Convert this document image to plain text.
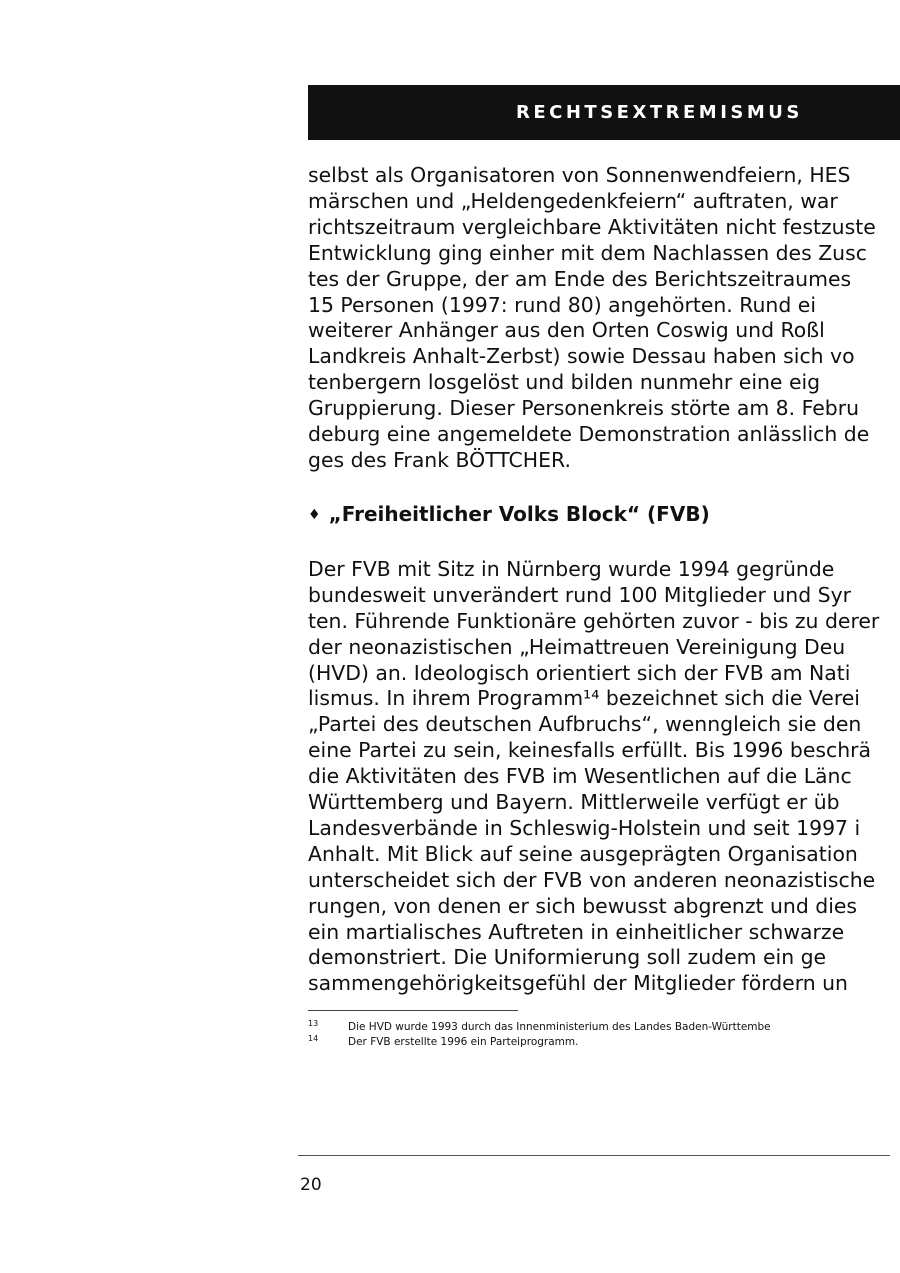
RECHTSEXTREMISMUS
selbst als Organisatoren von Sonnenwendfeiern, HES
märschen und „Heldengedenkfeiern“ auftraten, war
richtszeitraum vergleichbare Aktivitäten nicht festzuste
Entwicklung ging einher mit dem Nachlassen des Zusc
tes der Gruppe, der am Ende des Berichtszeitraumes
15 Personen (1997: rund 80) angehörten. Rund ei
weiterer Anhänger aus den Orten Coswig und Roßl
Landkreis Anhalt-Zerbst) sowie Dessau haben sich vo
tenbergern losgelöst und bilden nunmehr eine eig
Gruppierung. Dieser Personenkreis störte am 8. Febru
deburg eine angemeldete Demonstration anlässlich de
ges des Frank BÖTTCHER.
♦ „Freiheitlicher Volks Block“ (FVB)
Der FVB mit Sitz in Nürnberg wurde 1994 gegründe
bundesweit unverändert rund 100 Mitglieder und Syr
ten. Führende Funktionäre gehörten zuvor - bis zu derer
der neonazistischen „Heimattreuen Vereinigung Deu
(HVD) an. Ideologisch orientiert sich der FVB am Nati
lismus. In ihrem Programm¹⁴ bezeichnet sich die Verei
„Partei des deutschen Aufbruchs“, wenngleich sie den
eine Partei zu sein, keinesfalls erfüllt. Bis 1996 beschrä
die Aktivitäten des FVB im Wesentlichen auf die Länc
Württemberg und Bayern. Mittlerweile verfügt er üb
Landesverbände in Schleswig-Holstein und seit 1997 i
Anhalt. Mit Blick auf seine ausgeprägten Organisation
unterscheidet sich der FVB von anderen neonazistische
rungen, von denen er sich bewusst abgrenzt und dies
ein martialisches Auftreten in einheitlicher schwarze
demonstriert. Die Uniformierung soll zudem ein ge
sammengehörigkeitsgefühl der Mitglieder fördern un
13	Die HVD wurde 1993 durch das Innenministerium des Landes Baden-Württembe
14	Der FVB erstellte 1996 ein Parteiprogramm.
20
